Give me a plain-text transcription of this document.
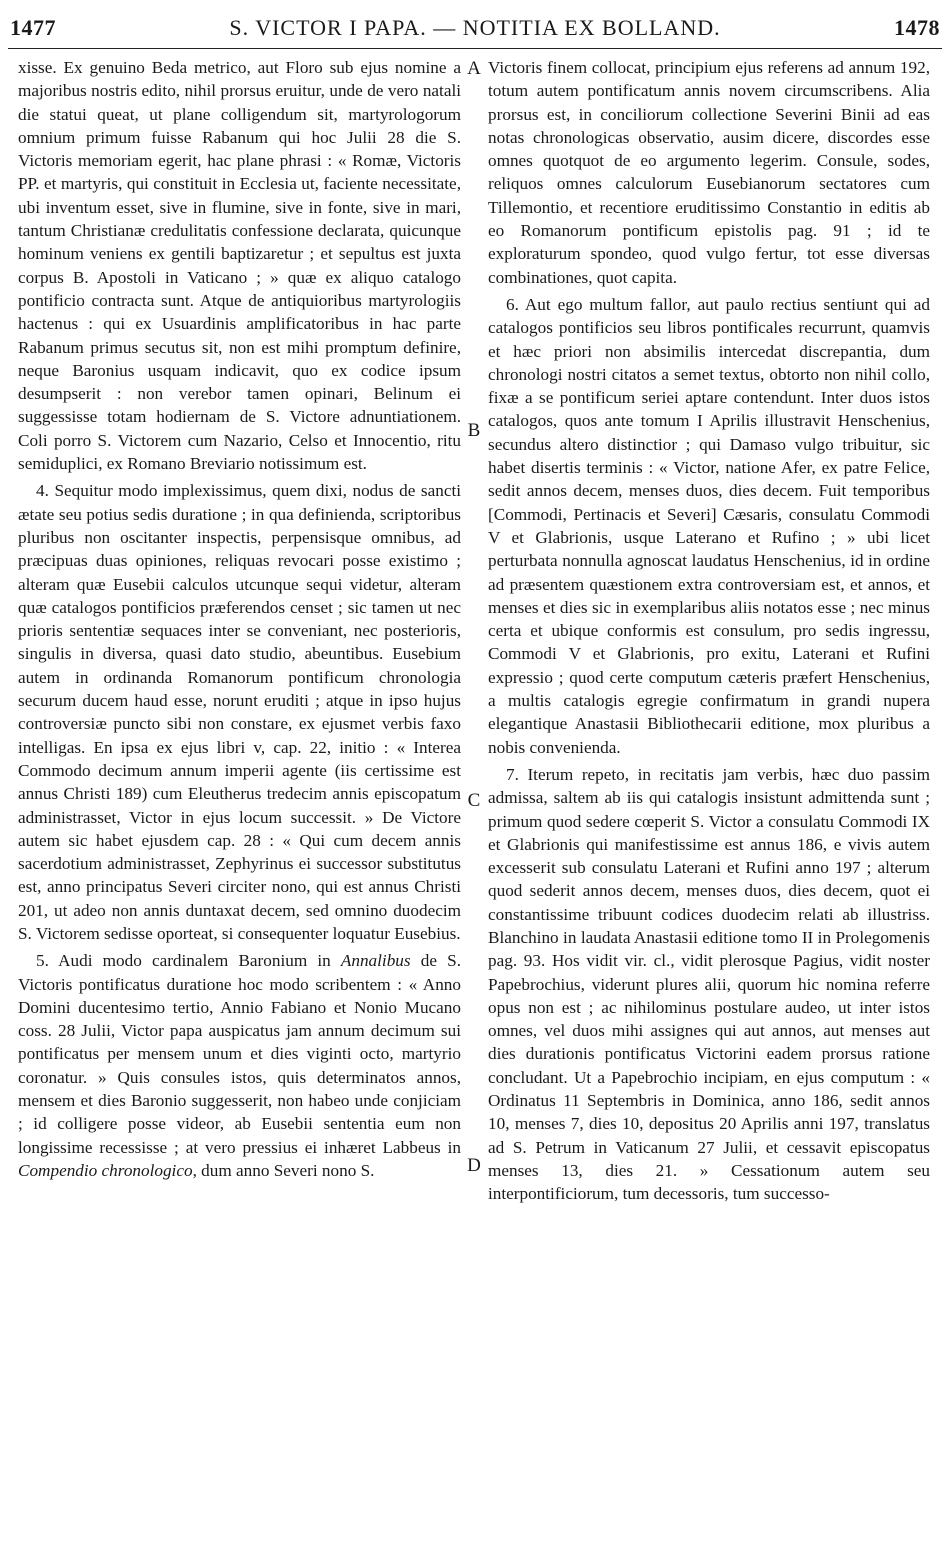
1477	S. VICTOR I PAPA. — NOTITIA EX BOLLAND.	1478

xisse. Ex genuino Beda metrico, aut Floro sub ejus nomine a majoribus nostris edito, nihil prorsus eruitur, unde de vero natali die statui queat, ut plane colligendum sit, martyrologorum omnium primum fuisse Rabanum qui hoc Julii 28 die S. Victoris memoriam egerit, hac plane phrasi : « Romæ, Victoris PP. et martyris, qui constituit in Ecclesia ut, faciente necessitate, ubi inventum esset, sive in flumine, sive in fonte, sive in mari, tantum Christianæ credulitatis confessione declarata, quicunque hominum veniens ex gentili baptizaretur ; et sepultus est juxta corpus B. Apostoli in Vaticano ; » quæ ex aliquo catalogo pontificio contracta sunt. Atque de antiquioribus martyrologiis hactenus : qui ex Usuardinis amplificatoribus in hac parte Rabanum primus secutus sit, non est mihi promptum definire, neque Baronius usquam indicavit, quo ex codice ipsum desumpserit : non verebor tamen opinari, Belinum ei suggessisse totam hodiernam de S. Victore adnuntiationem. Coli porro S. Victorem cum Nazario, Celso et Innocentio, ritu semiduplici, ex Romano Breviario notissimum est.

4. Sequitur modo implexissimus, quem dixi, nodus de sancti ætate seu potius sedis duratione ; in qua definienda, scriptoribus pluribus non oscitanter inspectis, perpensisque omnibus, ad præcipuas duas opiniones, reliquas revocari posse existimo ; alteram quæ Eusebii calculos utcunque sequi videtur, alteram quæ catalogos pontificios præferendos censet ; sic tamen ut nec prioris sententiæ sequaces inter se conveniant, nec posterioris, singulis in diversa, quasi dato studio, abeuntibus. Eusebium autem in ordinanda Romanorum pontificum chronologia securum ducem haud esse, norunt eruditi ; atque in ipso hujus controversiæ puncto sibi non constare, ex ejusmet verbis faxo intelligas. En ipsa ex ejus libri v, cap. 22, initio : « Interea Commodo decimum annum imperii agente (iis certissime est annus Christi 189) cum Eleutherus tredecim annis episcopatum administrasset, Victor in ejus locum successit. » De Victore autem sic habet ejusdem cap. 28 : « Qui cum decem annis sacerdotium administrasset, Zephyrinus ei successor substitutus est, anno principatus Severi circiter nono, qui est annus Christi 201, ut adeo non annis duntaxat decem, sed omnino duodecim S. Victorem sedisse oporteat, si consequenter loquatur Eusebius.

5. Audi modo cardinalem Baronium in Annalibus de S. Victoris pontificatus duratione hoc modo scribentem : « Anno Domini ducentesimo tertio, Annio Fabiano et Nonio Mucano coss. 28 Julii, Victor papa auspicatus jam annum decimum sui pontificatus per mensem unum et dies viginti octo, martyrio coronatur. » Quis consules istos, quis determinatos annos, mensem et dies Baronio suggesserit, non habeo unde conjiciam ; id colligere posse videor, ab Eusebii sententia eum non longissime recessisse ; at vero pressius ei inhæret Labbeus in Compendio chronologico, dum anno Severi nono S.

Victoris finem collocat, principium ejus referens ad annum 192, totum autem pontificatum annis novem circumscribens. Alia prorsus est, in conciliorum collectione Severini Binii ad eas notas chronologicas observatio, ausim dicere, discordes esse omnes quotquot de eo argumento legerim. Consule, sodes, reliquos omnes calculorum Eusebianorum sectatores cum Tillemontio, et recentiore eruditissimo Constantio in editis ab eo Romanorum pontificum epistolis pag. 91 ; id te exploraturum spondeo, quod vulgo fertur, tot esse diversas combinationes, quot capita.

6. Aut ego multum fallor, aut paulo rectius sentiunt qui ad catalogos pontificios seu libros pontificales recurrunt, quamvis et hæc priori non absimilis intercedat discrepantia, dum chronologi nostri citatos a semet textus, obtorto non nihil collo, fixæ a se pontificum seriei aptare contendunt. Inter duos istos catalogos, quos ante tomum I Aprilis illustravit Henschenius, secundus altero distinctior ; qui Damaso vulgo tribuitur, sic habet disertis terminis : « Victor, natione Afer, ex patre Felice, sedit annos decem, menses duos, dies decem. Fuit temporibus [Commodi, Pertinacis et Severi] Cæsaris, consulatu Commodi V et Glabrionis, usque Laterano et Rufino ; » ubi licet perturbata nonnulla agnoscat laudatus Henschenius, id in ordine ad præsentem quæstionem extra controversiam est, et annos, et menses et dies sic in exemplaribus aliis notatos esse ; nec minus certa et ubique conformis est consulum, pro sedis ingressu, Commodi V et Glabrionis, pro exitu, Laterani et Rufini expressio ; quod certe computum cæteris præfert Henschenius, a multis catalogis egregie confirmatum in grandi nupera elegantique Anastasii Bibliothecarii editione, mox pluribus a nobis convenienda.

7. Iterum repeto, in recitatis jam verbis, hæc duo passim admissa, saltem ab iis qui catalogis insistunt admittenda sunt ; primum quod sedere cœperit S. Victor a consulatu Commodi IX et Glabrionis qui manifestissime est annus 186, e vivis autem excesserit sub consulatu Laterani et Rufini anno 197 ; alterum quod sederit annos decem, menses duos, dies decem, quot ei constantissime tribuunt codices duodecim relati ab illustriss. Blanchino in laudata Anastasii editione tomo II in Prolegomenis pag. 93. Hos vidit vir. cl., vidit plerosque Pagius, vidit noster Papebrochius, viderunt plures alii, quorum hic nomina referre opus non est ; ac nihilominus postulare audeo, ut inter istos omnes, vel duos mihi assignes qui aut annos, aut menses aut dies durationis pontificatus Victorini eadem prorsus ratione concludant. Ut a Papebrochio incipiam, en ejus computum : « Ordinatus 11 Septembris in Dominica, anno 186, sedit annos 10, menses 7, dies 10, depositus 20 Aprilis anni 197, translatus ad S. Petrum in Vaticanum 27 Julii, et cessavit episcopatus menses 13, dies 21. » Cessationum autem seu interpontificiorum, tum decessoris, tum successo-

A
B
C
D
